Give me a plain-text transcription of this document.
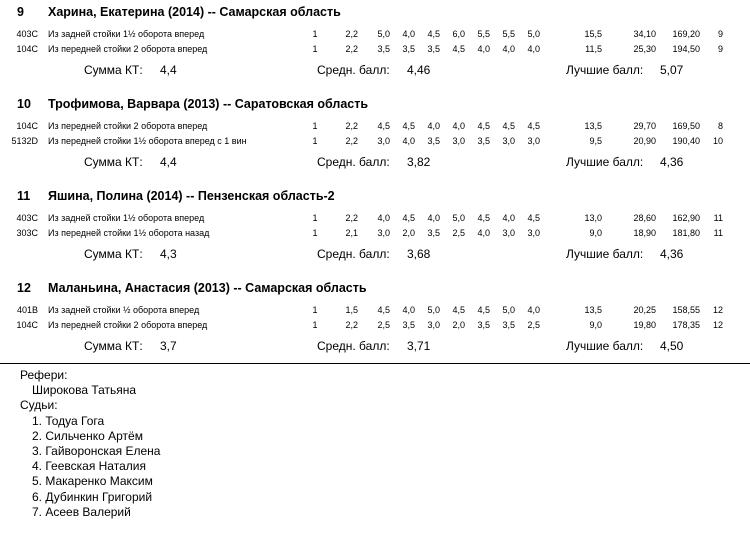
9 Харина, Екатерина (2014) -- Самарская область
403C Из задней стойки 1½ оборота вперед	1	2,2	5,0	4,0	4,5	6,0	5,5	5,5	5,0	15,5	34,10	169,20	9
104C Из передней стойки 2 оборота вперед	1	2,2	3,5	3,5	3,5	4,5	4,0	4,0	4,0	11,5	25,30	194,50	9
Сумма КТ: 4,4	Средн. балл: 4,46	Лучшие балл: 5,07
10 Трофимова, Варвара (2013) -- Саратовская область
104C Из передней стойки 2 оборота вперед	1	2,2	4,5	4,5	4,0	4,0	4,5	4,5	4,5	13,5	29,70	169,50	8
5132D Из передней стойки 1½ оборота вперед с 1 вин	1	2,2	3,0	4,0	3,5	3,0	3,5	3,0	3,0	9,5	20,90	190,40	10
Сумма КТ: 4,4	Средн. балл: 3,82	Лучшие балл: 4,36
11 Яшина, Полина (2014) -- Пензенская область-2
403C Из задней стойки 1½ оборота вперед	1	2,2	4,0	4,5	4,0	5,0	4,5	4,0	4,5	13,0	28,60	162,90	11
303C Из передней стойки 1½ оборота назад	1	2,1	3,0	2,0	3,5	2,5	4,0	3,0	3,0	9,0	18,90	181,80	11
Сумма КТ: 4,3	Средн. балл: 3,68	Лучшие балл: 4,36
12 Маланьина, Анастасия (2013) -- Самарская область
401B Из задней стойки ½ оборота вперед	1	1,5	4,5	4,0	5,0	4,5	4,5	5,0	4,0	13,5	20,25	158,55	12
104C Из передней стойки 2 оборота вперед	1	2,2	2,5	3,5	3,0	2,0	3,5	3,5	2,5	9,0	19,80	178,35	12
Сумма КТ: 3,7	Средн. балл: 3,71	Лучшие балл: 4,50
Рефери:
Широкова Татьяна
Судьи:
1. Тодуа Гога
2. Сильченко Артём
3. Гайворонская Елена
4. Геевская Наталия
5. Макаренко Максим
6. Дубинкин Григорий
7. Асеев Валерий
